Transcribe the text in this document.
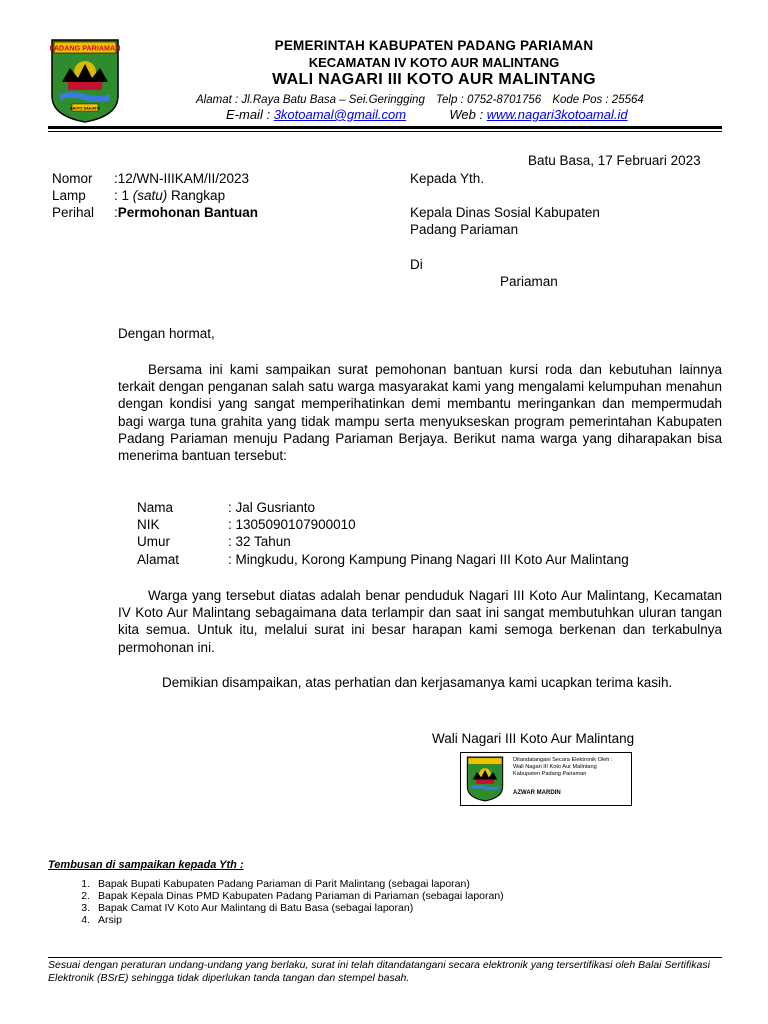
PADANG PARIAMAN
SAIYO SAKATO
PEMERINTAH KABUPATEN PADANG PARIAMAN
KECAMATAN IV KOTO AUR MALINTANG
WALI NAGARI III KOTO AUR MALINTANG
Alamat : Jl.Raya Batu Basa – Sei.Geringging Telp : 0752-8701756 Kode Pos : 25564
E-mail : 3kotoamal@gmail.com	Web : www.nagari3kotoamal.id
Batu Basa, 17 Februari 2023
Nomor :12/WN-IIIKAM/II/2023
Lamp : 1 (satu) Rangkap
Perihal :Permohonan Bantuan
Kepada Yth.
Kepala Dinas Sosial Kabupaten
Padang Pariaman
Di
Pariaman
Dengan hormat,
Bersama ini kami sampaikan surat pemohonan bantuan kursi roda dan kebutuhan lainnya terkait dengan penganan salah satu warga masyarakat kami yang mengalami kelumpuhan menahun dengan kondisi yang sangat memperihatinkan demi membantu meringankan dan mempermudah bagi warga tuna grahita yang tidak mampu serta menyukseskan program pemerintahan Kabupaten Padang Pariaman menuju Padang Pariaman Berjaya. Berikut nama warga yang diharapakan bisa menerima bantuan tersebut:
Nama	: Jal Gusrianto
NIK	: 1305090107900010
Umur	: 32 Tahun
Alamat	: Mingkudu, Korong Kampung Pinang Nagari III Koto Aur Malintang
Warga yang tersebut diatas adalah benar penduduk Nagari III Koto Aur Malintang, Kecamatan IV Koto Aur Malintang sebagaimana data terlampir dan saat ini sangat membutuhkan uluran tangan kita semua. Untuk itu, melalui surat ini besar harapan kami semoga berkenan dan terkabulnya permohonan ini.
Demikian disampaikan, atas perhatian dan kerjasamanya kami ucapkan terima kasih.
Wali Nagari III Koto Aur Malintang
Ditandatangani Secara Elektronik Oleh :
Wali Nagari III Koto Aur Malintang
Kabupaten Padang Pariaman
AZWAR MARDIN
Tembusan di sampaikan kepada Yth :
1. Bapak Bupati Kabupaten Padang Pariaman di Parit Malintang (sebagai laporan)
2. Bapak Kepala Dinas PMD Kabupaten Padang Pariaman di Pariaman (sebagai laporan)
3. Bapak Camat IV Koto Aur Malintang di Batu Basa (sebagai laporan)
4. Arsip
Sesuai dengan peraturan undang-undang yang berlaku, surat ini telah ditandatangani secara elektronik yang tersertifikasi oleh Balai Sertifikasi Elektronik (BSrE) sehingga tidak diperlukan tanda tangan dan stempel basah.
